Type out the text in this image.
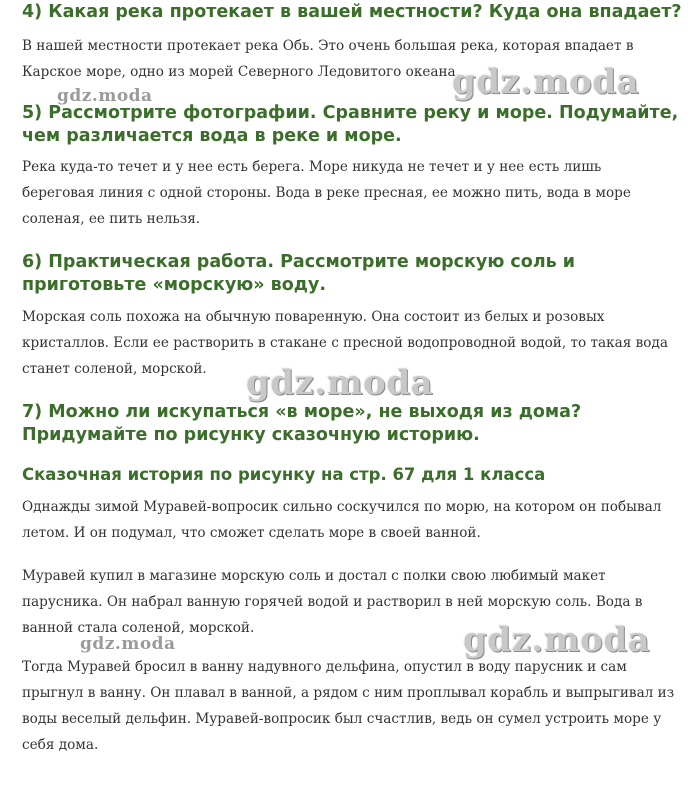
4) Какая река протекает в вашей местности? Куда она впадает?

В нашей местности протекает река Обь. Это очень большая река, которая впадает в Карское море, одно из морей Северного Ледовитого океана.

5) Рассмотрите фотографии. Сравните реку и море. Подумайте, чем различается вода в реке и море.

Река куда-то течет и у нее есть берега. Море никуда не течет и у нее есть лишь береговая линия с одной стороны. Вода в реке пресная, ее можно пить, вода в море соленая, ее пить нельзя.

6) Практическая работа. Рассмотрите морскую соль и приготовьте «морскую» воду.

Морская соль похожа на обычную поваренную. Она состоит из белых и розовых кристаллов. Если ее растворить в стакане с пресной водопроводной водой, то такая вода станет соленой, морской.

7) Можно ли искупаться «в море», не выходя из дома? Придумайте по рисунку сказочную историю.
Сказочная история по рисунку на стр. 67 для 1 класса

Однажды зимой Муравей-вопросик сильно соскучился по морю, на котором он побывал летом. И он подумал, что сможет сделать море в своей ванной.

Муравей купил в магазине морскую соль и достал с полки свою любимый макет парусника. Он набрал ванную горячей водой и растворил в ней морскую соль. Вода в ванной стала соленой, морской.

Тогда Муравей бросил в ванну надувного дельфина, опустил в воду парусник и сам прыгнул в ванну. Он плавал в ванной, а рядом с ним проплывал корабль и выпрыгивал из воды веселый дельфин. Муравей-вопросик был счастлив, ведь он сумел устроить море у себя дома.

gdz.moda
gdz.moda
gdz.moda
gdz.moda	gdz.moda
